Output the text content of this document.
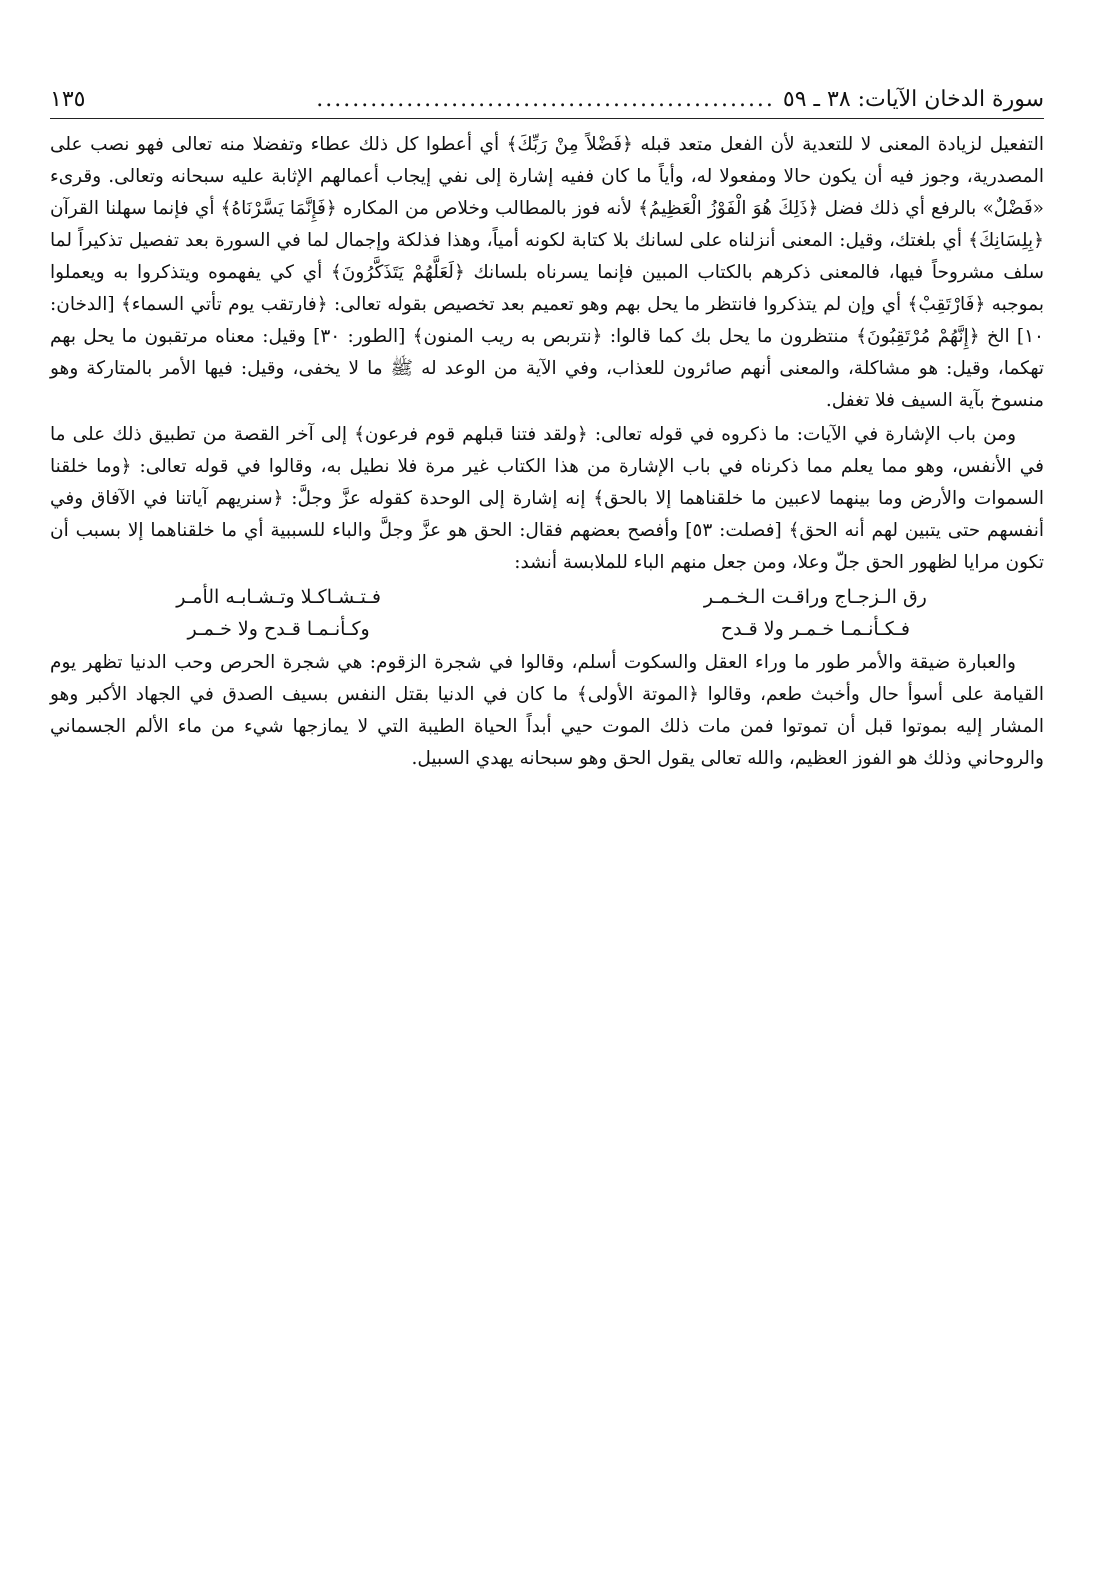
سورة الدخان الآيات: ٣٨ ـ ٥٩
...................................................
١٣٥

التفعيل لزيادة المعنى لا للتعدية لأن الفعل متعد قبله ﴿فَضْلاً مِنْ رَبِّكَ﴾ أي أعطوا كل ذلك عطاء وتفضلا منه تعالى فهو نصب على المصدرية، وجوز فيه أن يكون حالا ومفعولا له، وأياً ما كان ففيه إشارة إلى نفي إيجاب أعمالهم الإثابة عليه سبحانه وتعالى. وقرىء «فَضْلٌ» بالرفع أي ذلك فضل ﴿ذَلِكَ هُوَ الْفَوْزُ الْعَظِيمُ﴾ لأنه فوز بالمطالب وخلاص من المكاره ﴿فَإِنَّمَا يَسَّرْنَاهُ﴾ أي فإنما سهلنا القرآن ﴿بِلِسَانِكَ﴾ أي بلغتك، وقيل: المعنى أنزلناه على لسانك بلا كتابة لكونه أمياً، وهذا فذلكة وإجمال لما في السورة بعد تفصيل تذكيراً لما سلف مشروحاً فيها، فالمعنى ذكرهم بالكتاب المبين فإنما يسرناه بلسانك ﴿لَعَلَّهُمْ يَتَذَكَّرُونَ﴾ أي كي يفهموه ويتذكروا به ويعملوا بموجبه ﴿فَارْتَقِبْ﴾ أي وإن لم يتذكروا فانتظر ما يحل بهم وهو تعميم بعد تخصيص بقوله تعالى: ﴿فارتقب يوم تأتي السماء﴾ [الدخان: ١٠] الخ ﴿إِنَّهُمْ مُرْتَقِبُونَ﴾ منتظرون ما يحل بك كما قالوا: ﴿نتربص به ريب المنون﴾ [الطور: ٣٠] وقيل: معناه مرتقبون ما يحل بهم تهكما، وقيل: هو مشاكلة، والمعنى أنهم صائرون للعذاب، وفي الآية من الوعد له ﷺ ما لا يخفى، وقيل: فيها الأمر بالمتاركة وهو منسوخ بآية السيف فلا تغفل.

ومن باب الإشارة في الآيات: ما ذكروه في قوله تعالى: ﴿ولقد فتنا قبلهم قوم فرعون﴾ إلى آخر القصة من تطبيق ذلك على ما في الأنفس، وهو مما يعلم مما ذكرناه في باب الإشارة من هذا الكتاب غير مرة فلا نطيل به، وقالوا في قوله تعالى: ﴿وما خلقنا السموات والأرض وما بينهما لاعبين ما خلقناهما إلا بالحق﴾ إنه إشارة إلى الوحدة كقوله عزَّ وجلَّ: ﴿سنريهم آياتنا في الآفاق وفي أنفسهم حتى يتبين لهم أنه الحق﴾ [فصلت: ٥٣] وأفصح بعضهم فقال: الحق هو عزَّ وجلَّ والباء للسببية أي ما خلقناهما إلا بسبب أن تكون مرايا لظهور الحق جلّ وعلا، ومن جعل منهم الباء للملابسة أنشد:

رق الـزجـاج وراقـت الـخـمـر
فـتـشـاكـلا وتـشـابـه الأمـر
فـكـأنـمـا خـمـر ولا قـدح
وكـأنـمـا قـدح ولا خـمـر

والعبارة ضيقة والأمر طور ما وراء العقل والسكوت أسلم، وقالوا في شجرة الزقوم: هي شجرة الحرص وحب الدنيا تظهر يوم القيامة على أسوأ حال وأخبث طعم، وقالوا ﴿الموتة الأولى﴾ ما كان في الدنيا بقتل النفس بسيف الصدق في الجهاد الأكبر وهو المشار إليه بموتوا قبل أن تموتوا فمن مات ذلك الموت حيي أبداً الحياة الطيبة التي لا يمازجها شيء من ماء الألم الجسماني والروحاني وذلك هو الفوز العظيم، والله تعالى يقول الحق وهو سبحانه يهدي السبيل.
